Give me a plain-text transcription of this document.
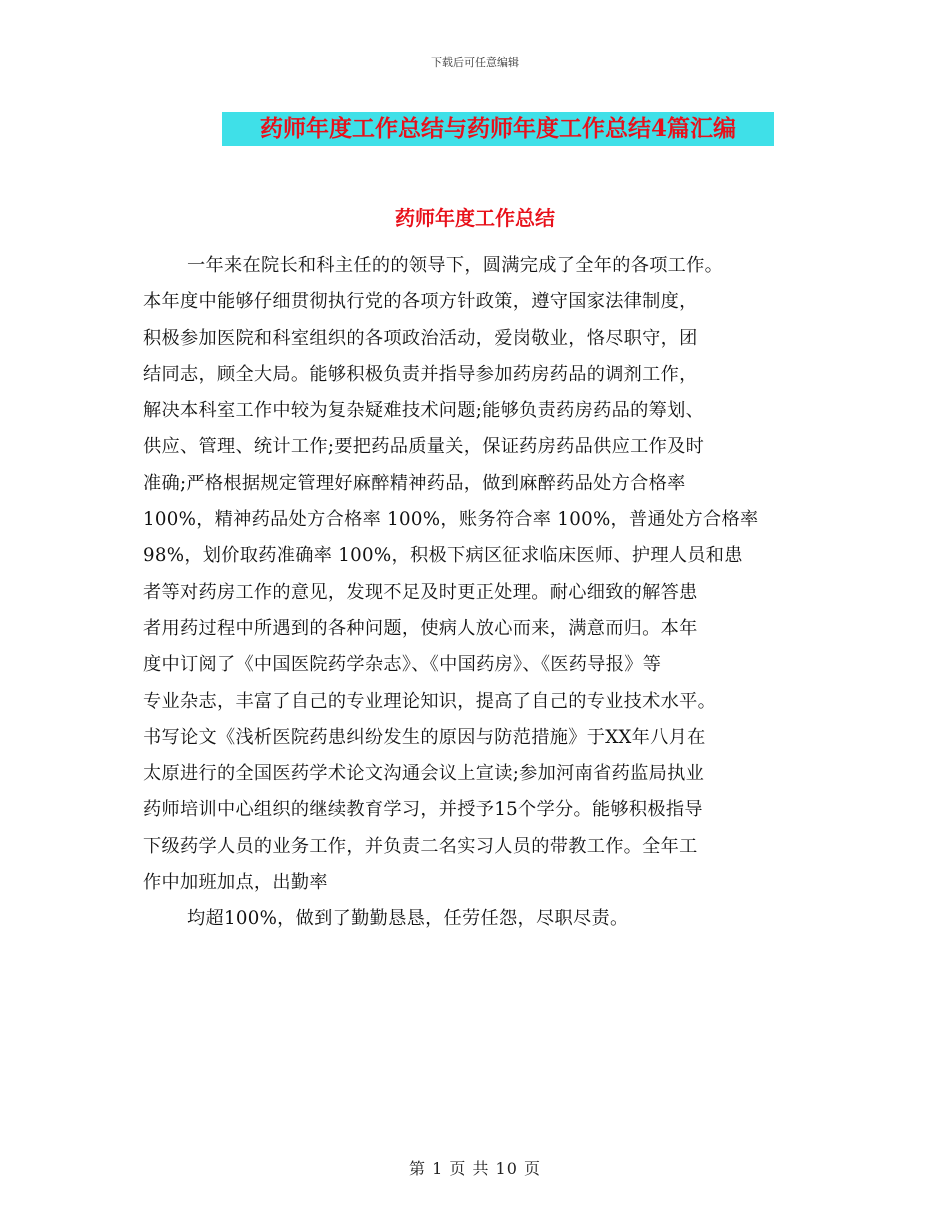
下载后可任意编辑
药师年度工作总结与药师年度工作总结4篇汇编
药师年度工作总结
一年来在院长和科主任的的领导下，圆满完成了全年的各项工作。
本年度中能够仔细贯彻执行党的各项方针政策，遵守国家法律制度，
积极参加医院和科室组织的各项政治活动，爱岗敬业，恪尽职守，团
结同志，顾全大局。能够积极负责并指导参加药房药品的调剂工作，
解决本科室工作中较为复杂疑难技术问题;能够负责药房药品的筹划、
供应、管理、统计工作;要把药品质量关，保证药房药品供应工作及时
准确;严格根据规定管理好麻醉精神药品，做到麻醉药品处方合格率
100%，精神药品处方合格率 100%，账务符合率 100%，普通处方合格率
98%，划价取药准确率 100%，积极下病区征求临床医师、护理人员和患
者等对药房工作的意见，发现不足及时更正处理。耐心细致的解答患
者用药过程中所遇到的各种问题，使病人放心而来，满意而归。本年
度中订阅了《中国医院药学杂志》、《中国药房》、《医药导报》等
专业杂志，丰富了自己的专业理论知识，提高了自己的专业技术水平。
书写论文《浅析医院药患纠纷发生的原因与防范措施》于XX年八月在
太原进行的全国医药学术论文沟通会议上宣读;参加河南省药监局执业
药师培训中心组织的继续教育学习，并授予15个学分。能够积极指导
下级药学人员的业务工作，并负责二名实习人员的带教工作。全年工
作中加班加点，出勤率
均超100%，做到了勤勤恳恳，任劳任怨，尽职尽责。
第 1 页 共 10 页
